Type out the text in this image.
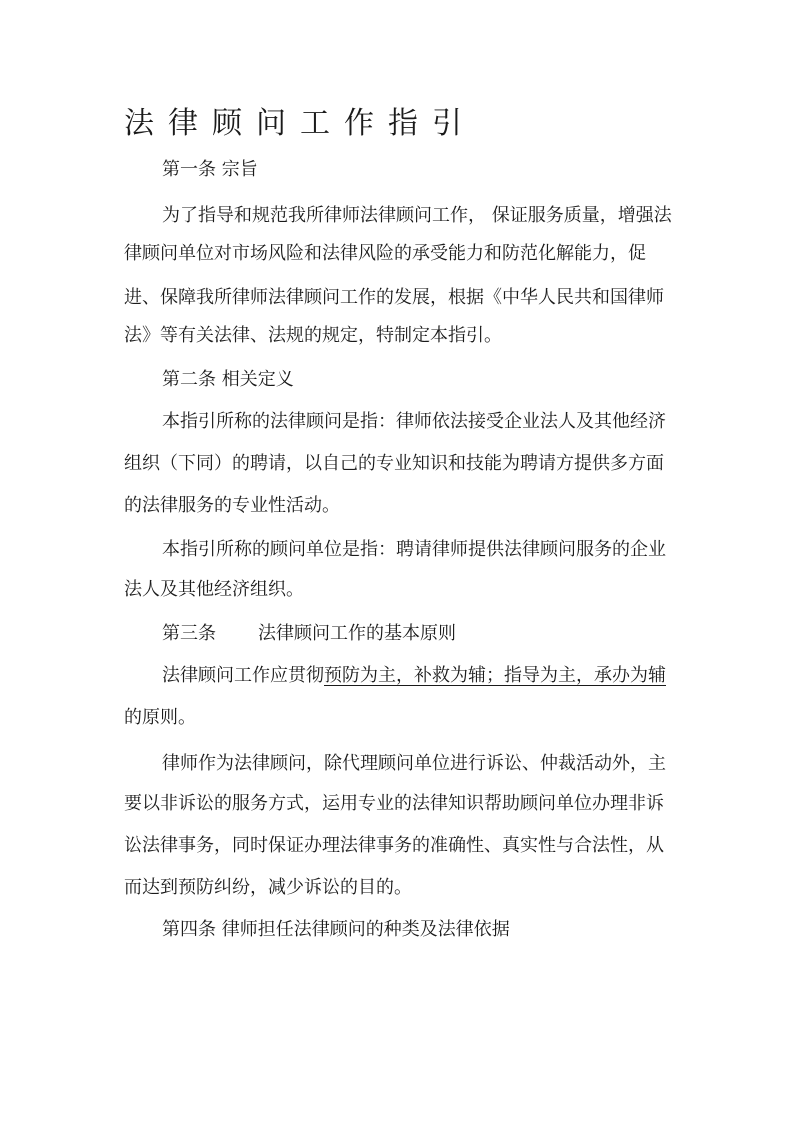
法律顾问工作指引
第一条 宗旨
为了指导和规范我所律师法律顾问工作， 保证服务质量，增强法
律顾问单位对市场风险和法律风险的承受能力和防范化解能力，促
进、保障我所律师法律顾问工作的发展，根据《中华人民共和国律师
法》等有关法律、法规的规定，特制定本指引。
第二条 相关定义
本指引所称的法律顾问是指：律师依法接受企业法人及其他经济
组织（下同）的聘请，以自己的专业知识和技能为聘请方提供多方面
的法律服务的专业性活动。
本指引所称的顾问单位是指：聘请律师提供法律顾问服务的企业
法人及其他经济组织。
第三条 法律顾问工作的基本原则
法律顾问工作应贯彻预防为主，补救为辅；指导为主，承办为辅
的原则。
律师作为法律顾问，除代理顾问单位进行诉讼、仲裁活动外，主
要以非诉讼的服务方式，运用专业的法律知识帮助顾问单位办理非诉
讼法律事务，同时保证办理法律事务的准确性、真实性与合法性，从
而达到预防纠纷，减少诉讼的目的。
第四条 律师担任法律顾问的种类及法律依据
